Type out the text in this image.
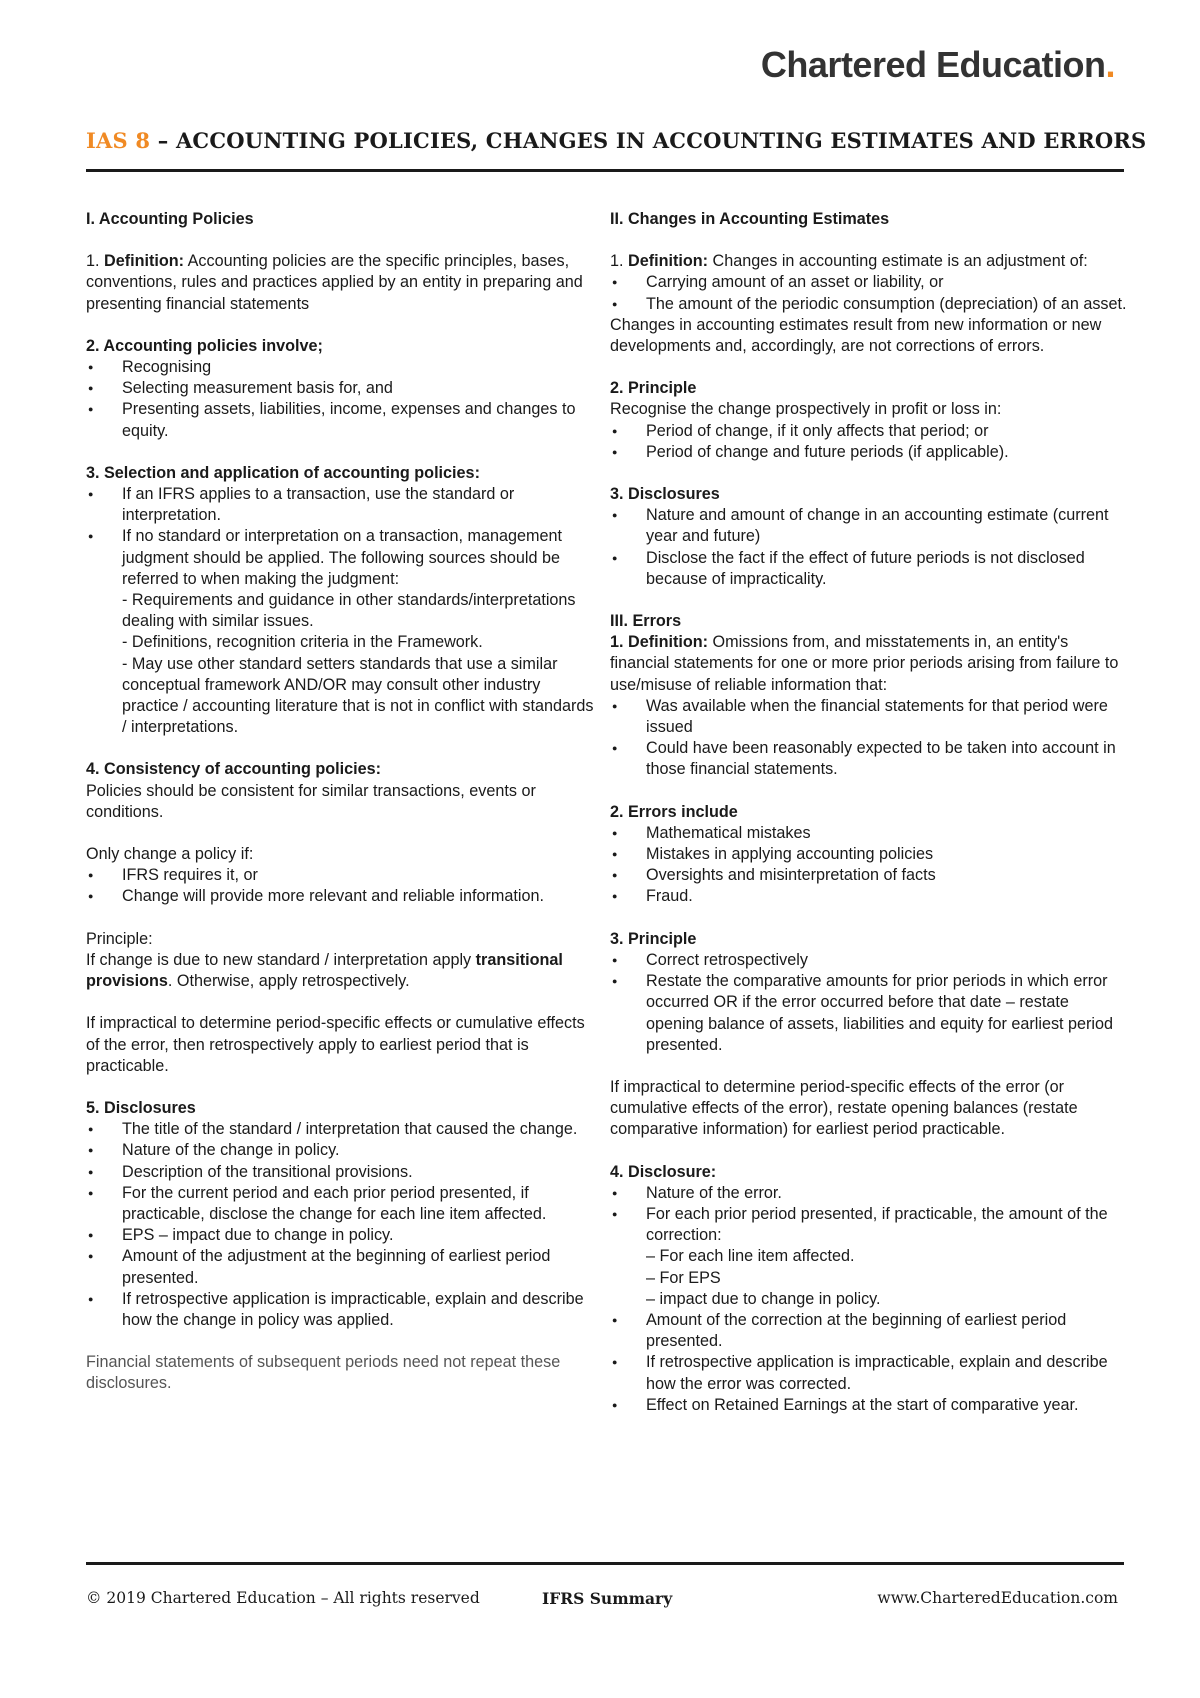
Chartered Education.
IAS 8 – ACCOUNTING POLICIES, CHANGES IN ACCOUNTING ESTIMATES AND ERRORS

I. Accounting Policies

1. Definition: Accounting policies are the specific principles, bases, conventions, rules and practices applied by an entity in preparing and presenting financial statements

2. Accounting policies involve;

● Recognising
● Selecting measurement basis for, and
● Presenting assets, liabilities, income, expenses and changes to equity.

3. Selection and application of accounting policies:

● If an IFRS applies to a transaction, use the standard or interpretation.
● If no standard or interpretation on a transaction, management judgment should be applied. The following sources should be referred to when making the judgment:
- Requirements and guidance in other standards/interpretations dealing with similar issues.
- Definitions, recognition criteria in the Framework.
- May use other standard setters standards that use a similar conceptual framework AND/OR may consult other industry practice / accounting literature that is not in conflict with standards / interpretations.

4. Consistency of accounting policies:

Policies should be consistent for similar transactions, events or conditions.

Only change a policy if:

● IFRS requires it, or
● Change will provide more relevant and reliable information.

Principle:

If change is due to new standard / interpretation apply transitional provisions. Otherwise, apply retrospectively.

If impractical to determine period-specific effects or cumulative effects of the error, then retrospectively apply to earliest period that is practicable.

5. Disclosures

● The title of the standard / interpretation that caused the change.
● Nature of the change in policy.
● Description of the transitional provisions.
● For the current period and each prior period presented, if practicable, disclose the change for each line item affected.
● EPS – impact due to change in policy.
● Amount of the adjustment at the beginning of earliest period presented.
● If retrospective application is impracticable, explain and describe how the change in policy was applied.

Financial statements of subsequent periods need not repeat these disclosures.

II. Changes in Accounting Estimates

1. Definition: Changes in accounting estimate is an adjustment of:

● Carrying amount of an asset or liability, or
● The amount of the periodic consumption (depreciation) of an asset.

Changes in accounting estimates result from new information or new developments and, accordingly, are not corrections of errors.

2. Principle

Recognise the change prospectively in profit or loss in:

● Period of change, if it only affects that period; or
● Period of change and future periods (if applicable).

3. Disclosures

● Nature and amount of change in an accounting estimate (current year and future)
● Disclose the fact if the effect of future periods is not disclosed because of impracticality.

III. Errors

1. Definition: Omissions from, and misstatements in, an entity's financial statements for one or more prior periods arising from failure to use/misuse of reliable information that:

● Was available when the financial statements for that period were issued
● Could have been reasonably expected to be taken into account in those financial statements.

2. Errors include

● Mathematical mistakes
● Mistakes in applying accounting policies
● Oversights and misinterpretation of facts
● Fraud.

3. Principle

● Correct retrospectively
● Restate the comparative amounts for prior periods in which error occurred OR if the error occurred before that date – restate opening balance of assets, liabilities and equity for earliest period presented.

If impractical to determine period-specific effects of the error (or cumulative effects of the error), restate opening balances (restate comparative information) for earliest period practicable.

4. Disclosure:

● Nature of the error.
● For each prior period presented, if practicable, the amount of the correction:
– For each line item affected.
– For EPS
– impact due to change in policy.
● Amount of the correction at the beginning of earliest period presented.
● If retrospective application is impracticable, explain and describe how the error was corrected.
● Effect on Retained Earnings at the start of comparative year.
© 2019 Chartered Education – All rights reserved	IFRS Summary	www.CharteredEducation.com
